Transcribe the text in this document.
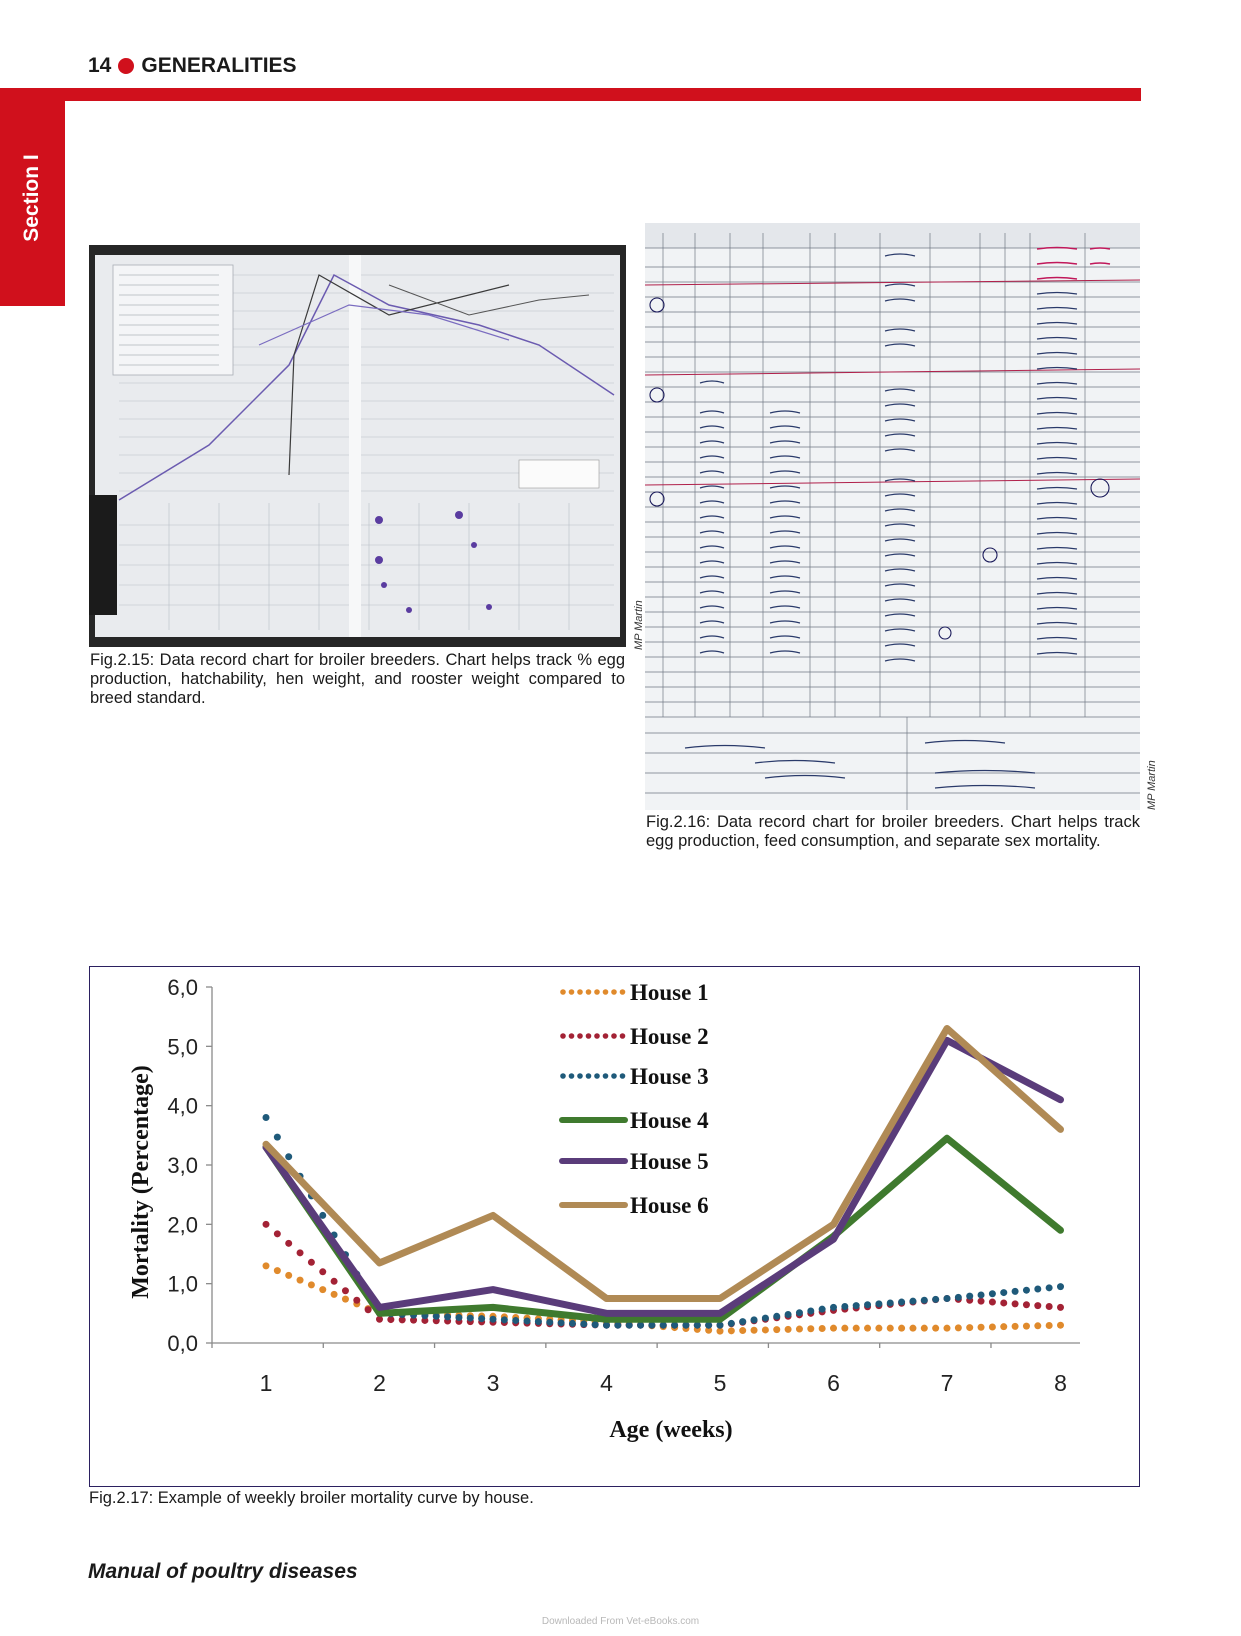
14 GENERALITIES
Section I
MP Martin
Fig.2.15: Data record chart for broiler breeders. Chart helps track % egg production, hatchability, hen weight, and rooster weight compared to breed standard.
MP Martin
Fig.2.16: Data record chart for broiler breeders. Chart helps track egg production, feed consumption, and separate sex mortality.
0,0
1,0
2,0
3,0
4,0
5,0
6,0
1	2	3	4	5	6	7	8
Age (weeks)
Mortality (Percentage)
House 1
House 2
House 3
House 4
House 5
House 6
Fig.2.17: Example of weekly broiler mortality curve by house.
Manual of poultry diseases
Downloaded From Vet-eBooks.com
